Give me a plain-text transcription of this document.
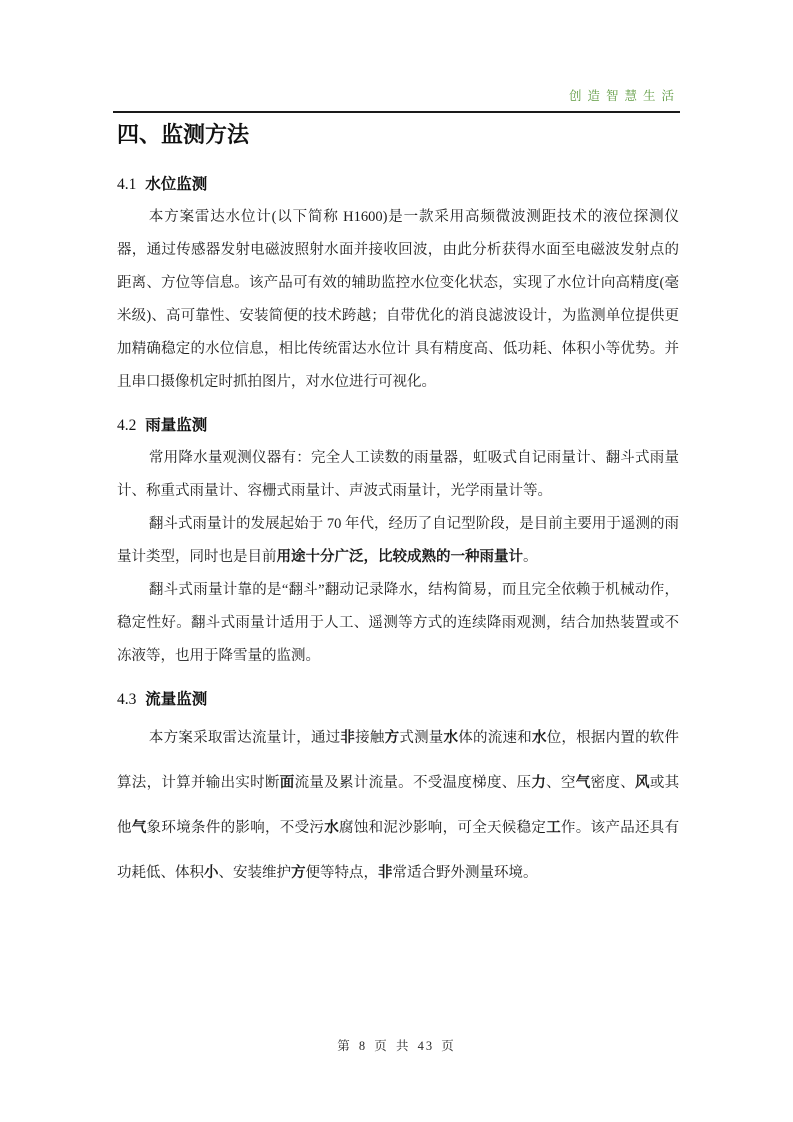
创造智慧生活
四、监测方法
4.1 水位监测

本方案雷达水位计(以下简称 H1600)是一款采用高频微波测距技术的液位探测仪器，通过传感器发射电磁波照射水面并接收回波，由此分析获得水面至电磁波发射点的距离、方位等信息。该产品可有效的辅助监控水位变化状态，实现了水位计向高精度(毫米级)、高可靠性、安装简便的技术跨越；自带优化的消良滤波设计，为监测单位提供更加精确稳定的水位信息，相比传统雷达水位计 具有精度高、低功耗、体积小等优势。并且串口摄像机定时抓拍图片，对水位进行可视化。

4.2 雨量监测

常用降水量观测仪器有：完全人工读数的雨量器，虹吸式自记雨量计、翻斗式雨量计、称重式雨量计、容栅式雨量计、声波式雨量计，光学雨量计等。

翻斗式雨量计的发展起始于 70 年代，经历了自记型阶段，是目前主要用于遥测的雨量计类型，同时也是目前用途十分广泛，比较成熟的一种雨量计。

翻斗式雨量计靠的是“翻斗”翻动记录降水，结构简易，而且完全依赖于机械动作，稳定性好。翻斗式雨量计适用于人工、遥测等方式的连续降雨观测，结合加热装置或不冻液等，也用于降雪量的监测。

4.3 流量监测

本方案采取雷达流量计，通过非接触方式测量水体的流速和水位，根据内置的软件算法，计算并输出实时断面流量及累计流量。不受温度梯度、压力、空气密度、风或其他气象环境条件的影响，不受污水腐蚀和泥沙影响，可全天候稳定工作。该产品还具有功耗低、体积小、安装维护方便等特点，非常适合野外测量环境。

第 8 页 共 43 页
